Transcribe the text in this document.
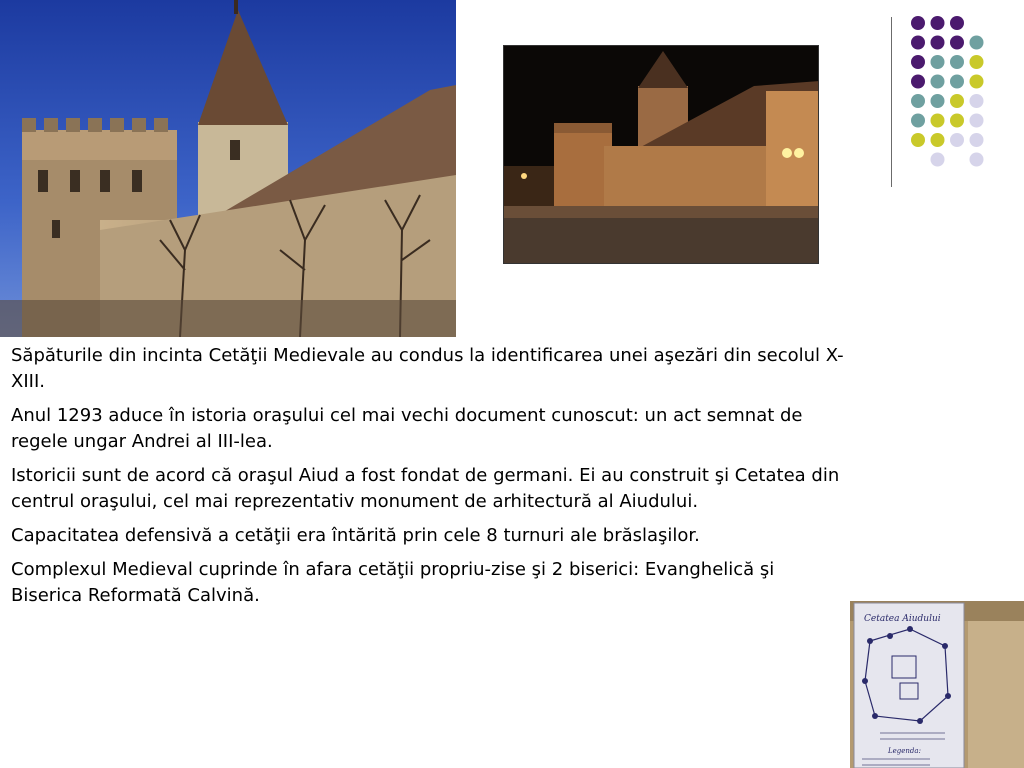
Săpăturile din incinta Cetăţii Medievale au condus la identificarea unei aşezări din secolul X-XIII.

Anul 1293 aduce în istoria oraşului cel mai vechi document cunoscut: un act semnat de regele ungar Andrei al III-lea.

Istoricii sunt de acord că oraşul Aiud a fost fondat de germani. Ei au construit şi Cetatea din centrul oraşului, cel mai reprezentativ monument de arhitectură al Aiudului.

Capacitatea defensivă a cetăţii era întărită prin cele 8 turnuri ale brăslaşilor.

Complexul Medieval cuprinde în afara cetăţii propriu-zise şi 2 biserici: Evanghelică şi Biserica Reformată Calvină.

Cetatea Aiudului
Legenda:
